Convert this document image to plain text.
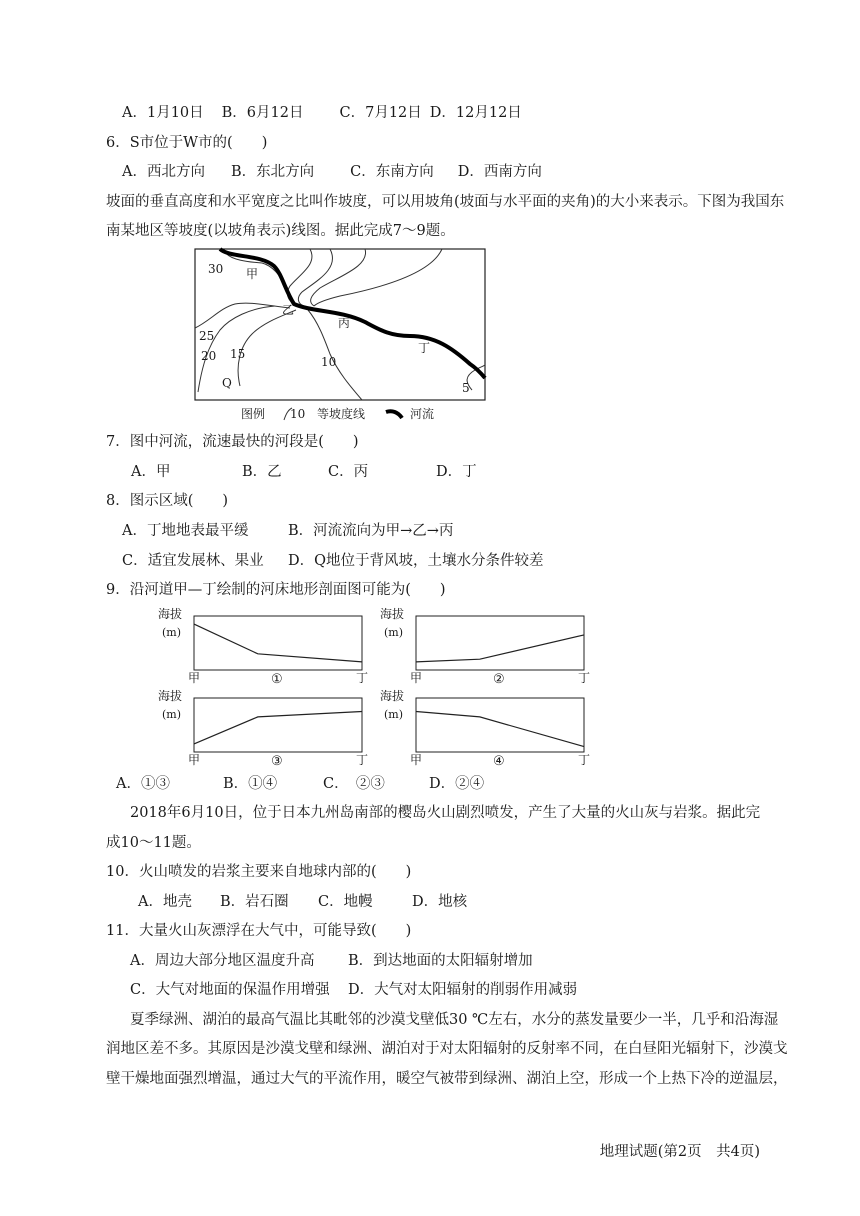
A．1月10日 B．6月12日 C．7月12日 D．12月12日
6．S市位于W市的(　　)
A．西北方向 B．东北方向 C．东南方向 D．西南方向
坡面的垂直高度和水平宽度之比叫作坡度，可以用坡角(坡面与水平面的夹角)的大小来表示。下图为我国东
南某地区等坡度(以坡角表示)线图。据此完成7～9题。
30 甲
乙
丙
丁
25
20 15
10
5
Q
图例 10 等坡度线	河流
7．图中河流，流速最快的河段是(　　)
A．甲	B．乙	C．丙	D．丁
8．图示区域(　　)
A．丁地地表最平缓	B．河流流向为甲→乙→丙
C．适宜发展林、果业 D．Q地位于背风坡，土壤水分条件较差
9．沿河道甲—丁绘制的河床地形剖面图可能为(　　)
海拔
(m)
甲	①	丁
海拔
(m)
甲	②	丁
海拔
(m)
甲	③	丁
海拔
(m)
甲	④	丁
A．①③	B．①④	C．　②③	D．②④
2018年6月10日，位于日本九州岛南部的樱岛火山剧烈喷发，产生了大量的火山灰与岩浆。据此完
成10～11题。
10．火山喷发的岩浆主要来自地球内部的(　　)
A．地壳 B．岩石圈 C．地幔	D．地核
11．大量火山灰漂浮在大气中，可能导致(　　)
A．周边大部分地区温度升高 B．到达地面的太阳辐射增加
C．大气对地面的保温作用增强 D．大气对太阳辐射的削弱作用减弱
夏季绿洲、湖泊的最高气温比其毗邻的沙漠戈壁低30 ℃左右，水分的蒸发量要少一半，几乎和沿海湿
润地区差不多。其原因是沙漠戈壁和绿洲、湖泊对于对太阳辐射的反射率不同，在白昼阳光辐射下，沙漠戈
壁干燥地面强烈增温，通过大气的平流作用，暖空气被带到绿洲、湖泊上空，形成一个上热下冷的逆温层，
地理试题(第2页　共4页)
